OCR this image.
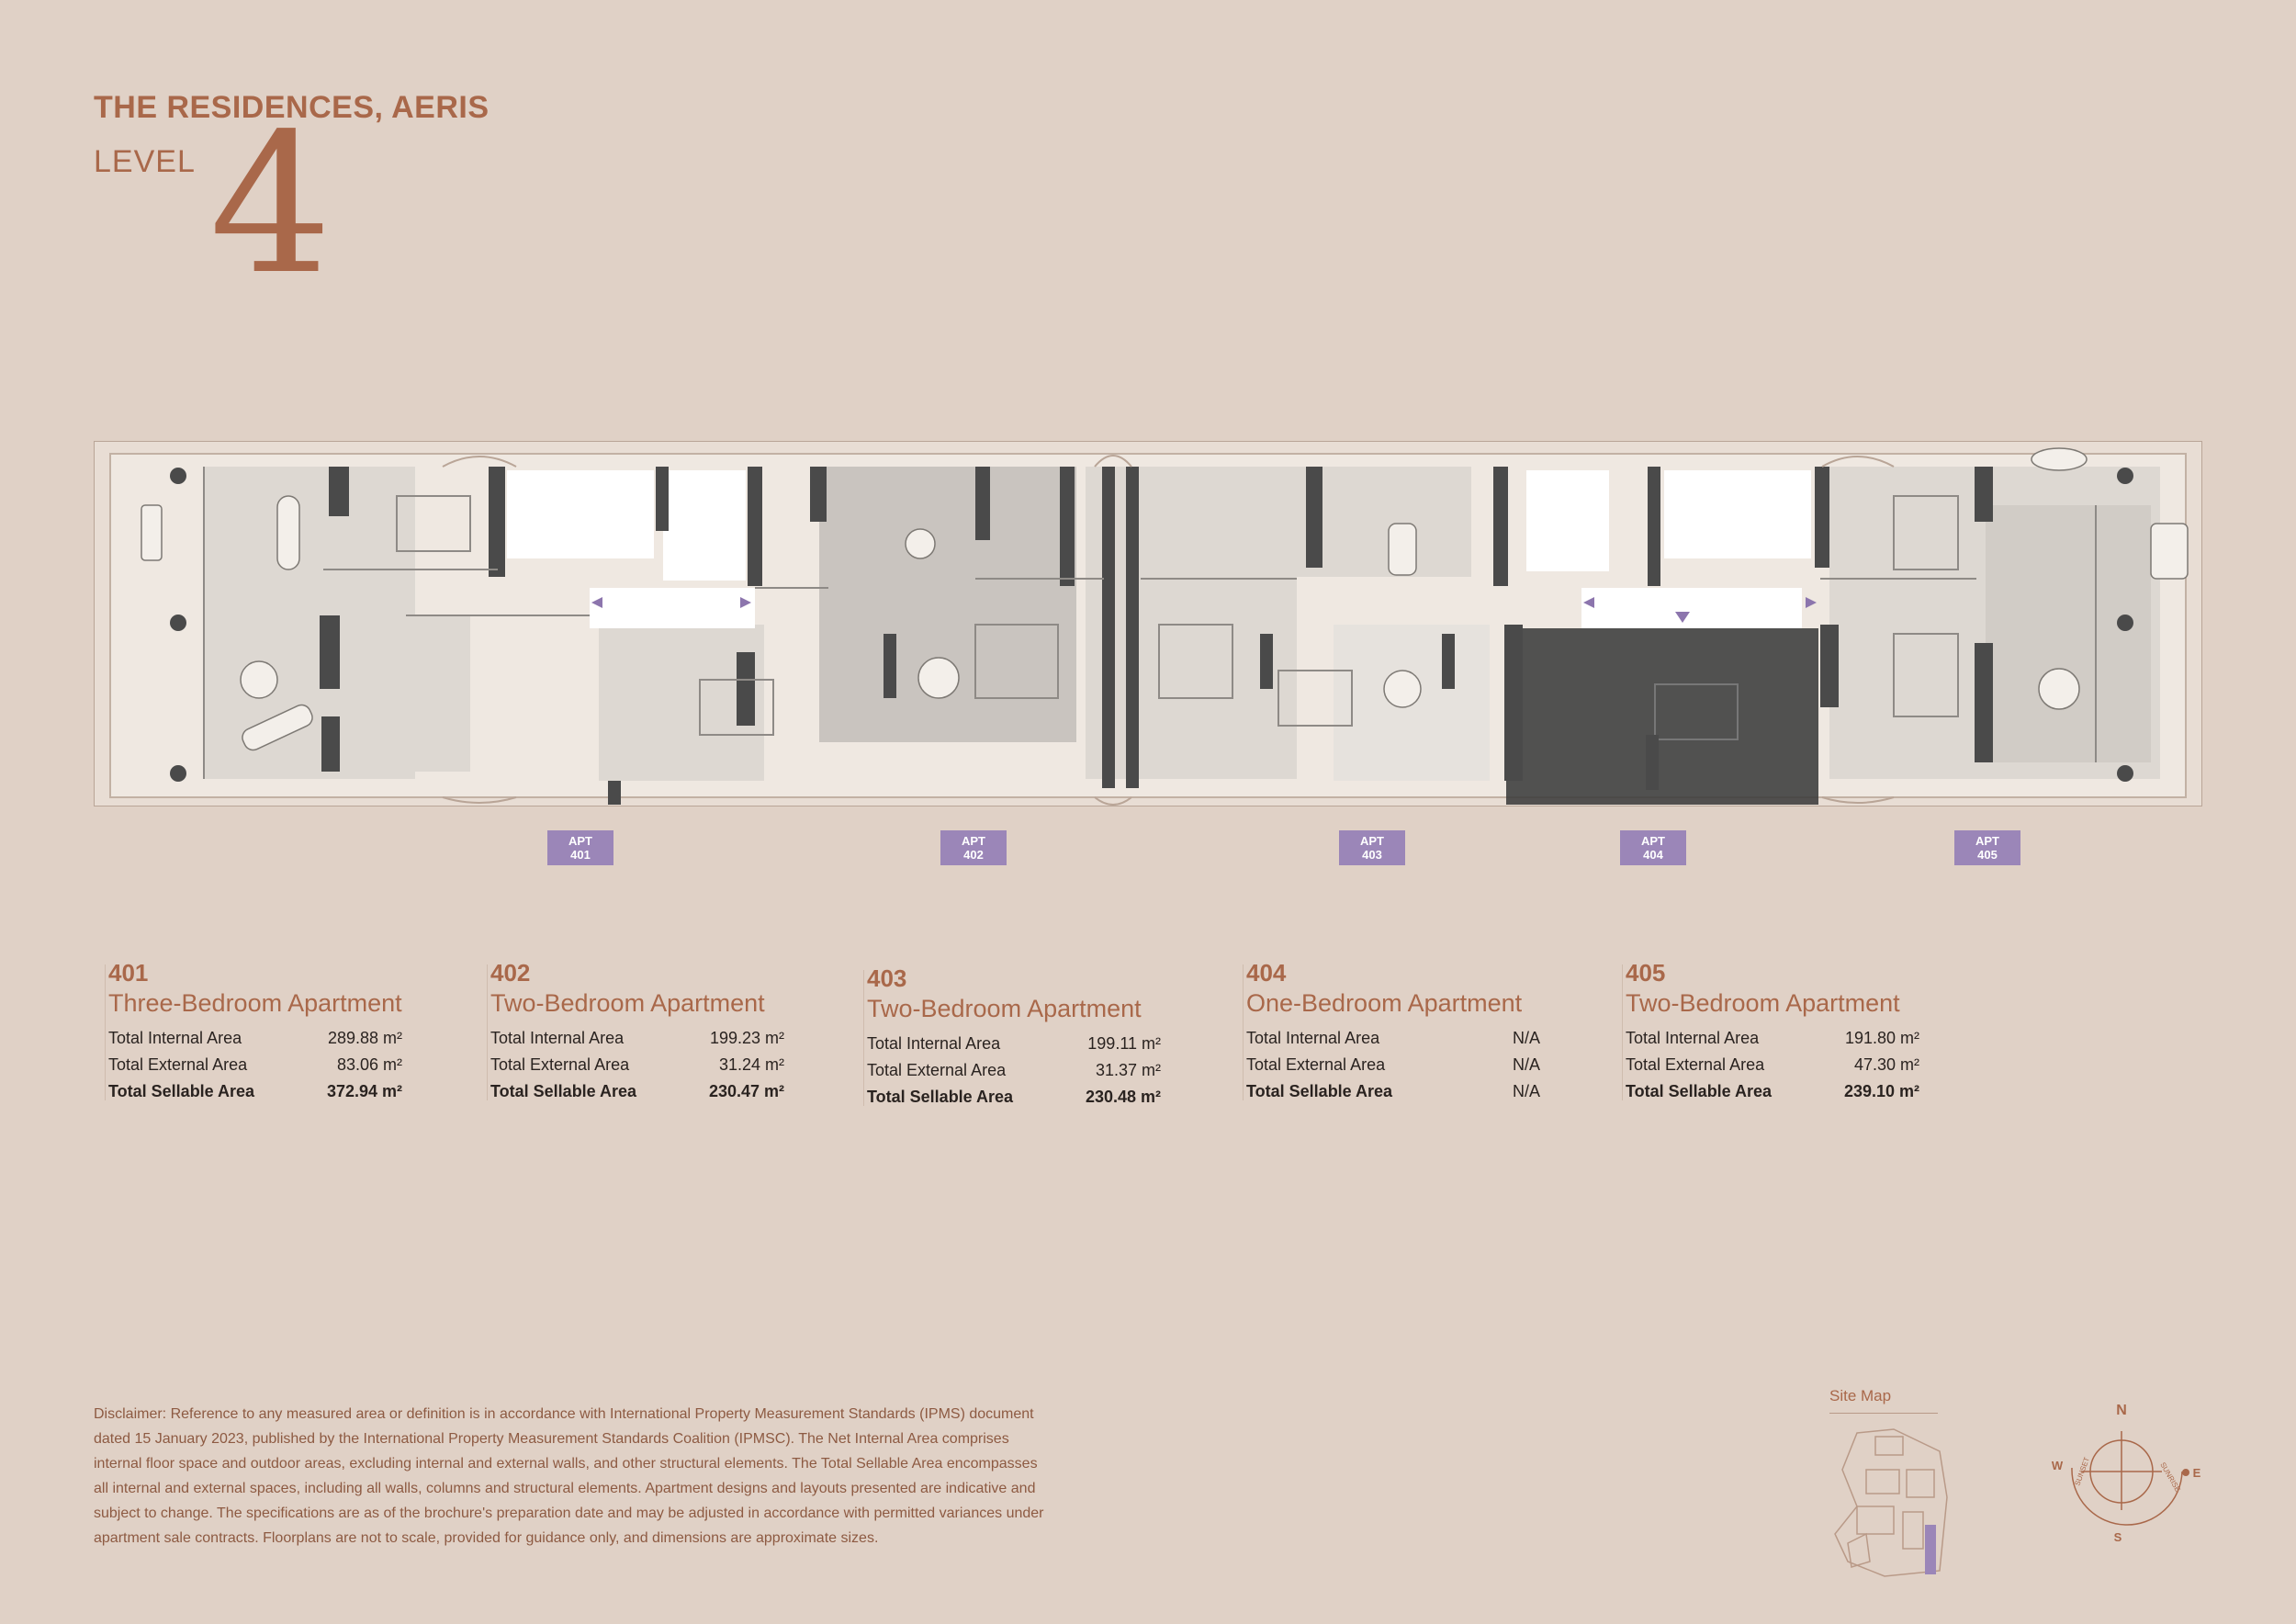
THE RESIDENCES, AERIS
LEVEL 4
APT
401
APT
402
APT
403
APT
404
APT
405
401
Three-Bedroom Apartment
Total Internal Area	289.88 m²
Total External Area	83.06 m²
Total Sellable Area	372.94 m²
402
Two-Bedroom Apartment
Total Internal Area	199.23 m²
Total External Area	31.24 m²
Total Sellable Area	230.47 m²
403
Two-Bedroom Apartment
Total Internal Area	199.11 m²
Total External Area	31.37 m²
Total Sellable Area	230.48 m²
404
One-Bedroom Apartment
Total Internal Area	N/A
Total External Area	N/A
Total Sellable Area	N/A
405
Two-Bedroom Apartment
Total Internal Area	191.80 m²
Total External Area	47.30 m²
Total Sellable Area	239.10 m²
Disclaimer: Reference to any measured area or definition is in accordance with International Property Measurement Standards (IPMS) document dated 15 January 2023, published by the International Property Measurement Standards Coalition (IPMSC). The Net Internal Area comprises internal floor space and outdoor areas, excluding internal and external walls, and other structural elements. The Total Sellable Area encompasses all internal and external spaces, including all walls, columns and structural elements. Apartment designs and layouts presented are indicative and subject to change. The specifications are as of the brochure's preparation date and may be adjusted in accordance with permitted variances under apartment sale contracts. Floorplans are not to scale, provided for guidance only, and dimensions are approximate sizes.
Site Map
N
S
W
E
SUNSET	SUNRISE
